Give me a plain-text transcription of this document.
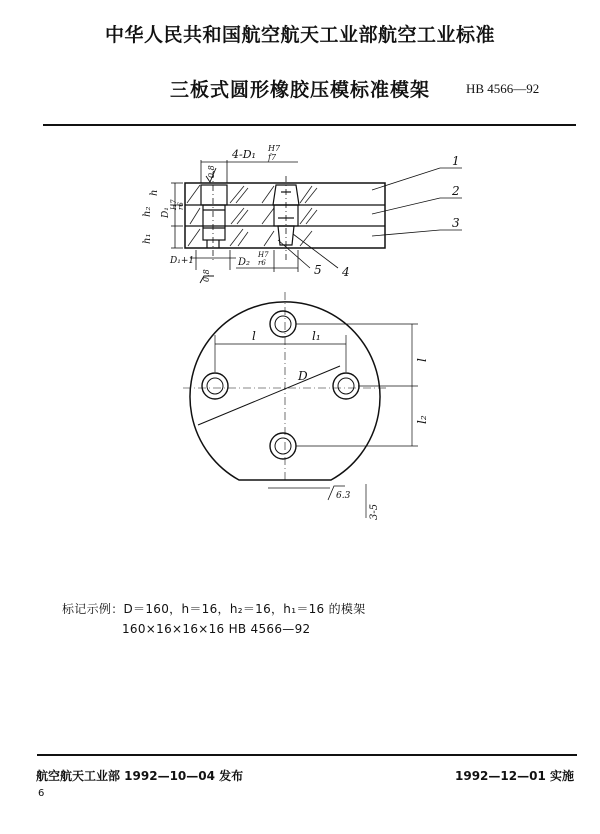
中华人民共和国航空航天工业部航空工业标准
三板式圆形橡胶压模标准模架	HB 4566—92
4-D₁ H7
f7
0.8
h
h₂
h₁
D₁
H7 r6
D₁+1	D₂
H7
r6
0.8
1
2
3
4
5
l	l₁
D
l
l₂
6.3
3-5
标记示例：D＝160，h＝16，h₂＝16，h₁＝16 的模架
160×16×16×16 HB 4566—92
航空航天工业部 1992—10—04 发布	1992—12—01 实施
6
